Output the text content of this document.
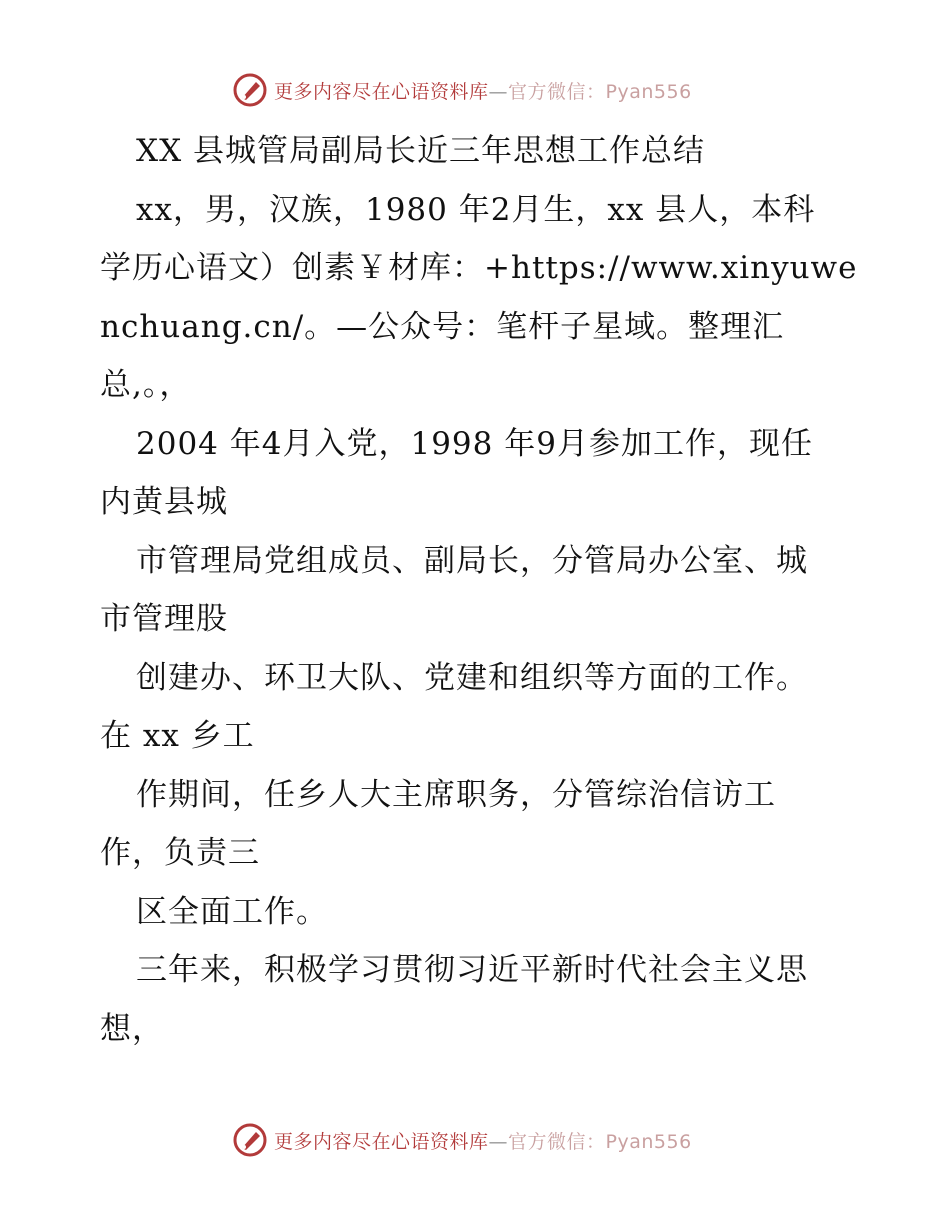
更多内容尽在心语资料库—官方微信：Pyan556
XX 县城管局副局长近三年思想工作总结
xx，男，汉族，1980 年2月生，xx 县人，本科
学历心语文）创素￥材库：+https://www.xinyuwe
nchuang.cn/。—公众号：笔杆子星域。整理汇
总,。，
2004 年4月入党，1998 年9月参加工作，现任
内黄县城
市管理局党组成员、副局长，分管局办公室、城
市管理股
创建办、环卫大队、党建和组织等方面的工作。
在 xx 乡工
作期间，任乡人大主席职务，分管综治信访工
作，负责三
区全面工作。
三年来，积极学习贯彻习近平新时代社会主义思
想，
更多内容尽在心语资料库—官方微信：Pyan556
